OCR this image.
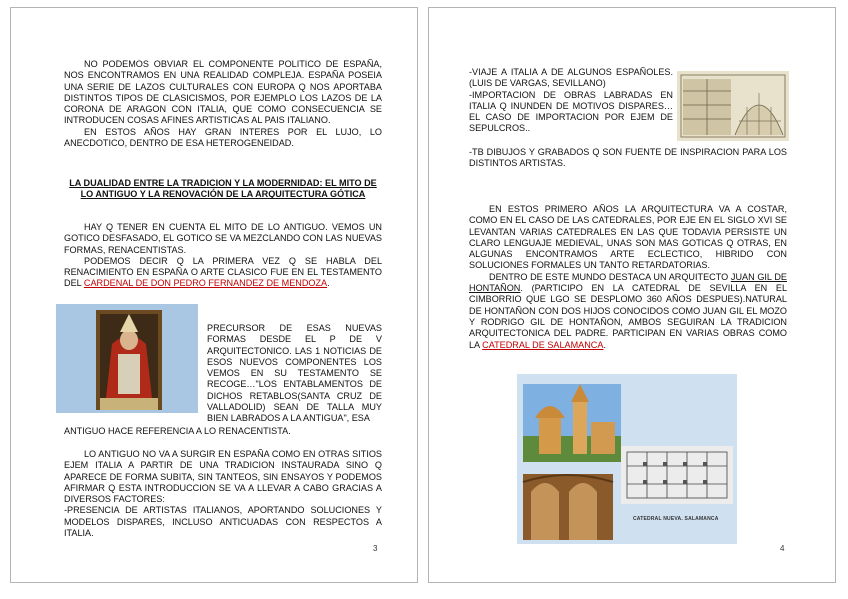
NO PODEMOS OBVIAR EL COMPONENTE POLITICO DE ESPAÑA, NOS ENCONTRAMOS EN UNA REALIDAD COMPLEJA. ESPAÑA POSEIA UNA SERIE DE LAZOS CULTURALES CON EUROPA Q NOS APORTABA DISTINTOS TIPOS DE CLASICISMOS, POR EJEMPLO LOS LAZOS DE LA CORONA DE ARAGON CON ITALIA, QUE COMO CONSECUENCIA SE INTRODUCEN COSAS AFINES ARTISTICAS AL PAIS ITALIANO.

EN ESTOS AÑOS HAY GRAN INTERES POR EL LUJO, LO ANECDOTICO, DENTRO DE ESA HETEROGENEIDAD.

LA DUALIDAD ENTRE LA TRADICION Y LA MODERNIDAD: EL MITO DE LO ANTIGUO Y LA RENOVACIÓN DE LA ARQUITECTURA GÓTICA

HAY Q TENER EN CUENTA EL MITO DE LO ANTIGUO. VEMOS UN GOTICO DESFASADO, EL GOTICO SE VA MEZCLANDO CON LAS NUEVAS FORMAS, RENACENTISTAS.

PODEMOS DECIR Q LA PRIMERA VEZ Q SE HABLA DEL RENACIMIENTO EN ESPAÑA O ARTE CLASICO FUE EN EL TESTAMENTO DEL CARDENAL DE DON PEDRO FERNANDEZ DE MENDOZA.

PRECURSOR DE ESAS NUEVAS FORMAS DESDE EL P DE V ARQUITECTONICO. LAS 1 NOTICIAS DE ESOS NUEVOS COMPONENTES LOS VEMOS EN SU TESTAMENTO SE RECOGE…"LOS ENTABLAMENTOS DE DICHOS RETABLOS(SANTA CRUZ DE VALLADOLID) SEAN DE TALLA MUY BIEN LABRADOS A LA ANTIGUA", ESA

ANTIGUO HACE REFERENCIA A LO RENACENTISTA.

LO ANTIGUO NO VA A SURGIR EN ESPAÑA COMO EN OTRAS SITIOS EJEM ITALIA A PARTIR DE UNA TRADICION INSTAURADA SINO Q APARECE DE FORMA SUBITA, SIN TANTEOS, SIN ENSAYOS Y PODEMOS AFIRMAR Q ESTA INTRODUCCION SE VA A LLEVAR A CABO GRACIAS A DIVERSOS FACTORES:

-PRESENCIA DE ARTISTAS ITALIANOS, APORTANDO SOLUCIONES Y MODELOS DISPARES, INCLUSO ANTICUADAS CON RESPECTOS A ITALIA.

3

-VIAJE A ITALIA A DE ALGUNOS ESPAÑOLES. (LUIS DE VARGAS, SEVILLANO)

-IMPORTACION DE OBRAS LABRADAS EN ITALIA Q INUNDEN DE MOTIVOS DISPARES…EL CASO DE IMPORTACION POR EJEM DE SEPULCROS..

-TB DIBUJOS Y GRABADOS Q SON FUENTE DE INSPIRACION PARA LOS DISTINTOS ARTISTAS.

EN ESTOS PRIMERO AÑOS LA ARQUITECTURA VA A COSTAR, COMO EN EL CASO DE LAS CATEDRALES, POR EJE EN EL SIGLO XVI SE LEVANTAN VARIAS CATEDRALES EN LAS QUE TODAVIA PERSISTE UN CLARO LENGUAJE MEDIEVAL, UNAS SON MAS GOTICAS Q OTRAS, EN ALGUNAS ENCONTRAMOS ARTE ECLECTICO, HIBRIDO CON SOLUCIONES FORMALES UN TANTO RETARDATORIAS.

DENTRO DE ESTE MUNDO DESTACA UN ARQUITECTO JUAN GIL DE HONTAÑON. (PARTICIPO EN LA CATEDRAL DE SEVILLA EN EL CIMBORRIO QUE LGO SE DESPLOMO 360 AÑOS DESPUES).NATURAL DE HONTAÑON CON DOS HIJOS CONOCIDOS COMO JUAN GIL EL MOZO Y RODRIGO GIL DE HONTAÑON, AMBOS SEGUIRAN LA TRADICION ARQUITECTONICA DEL PADRE. PARTICIPAN EN VARIAS OBRAS COMO LA CATEDRAL DE SALAMANCA.

CATEDRAL NUEVA. SALAMANCA
4
